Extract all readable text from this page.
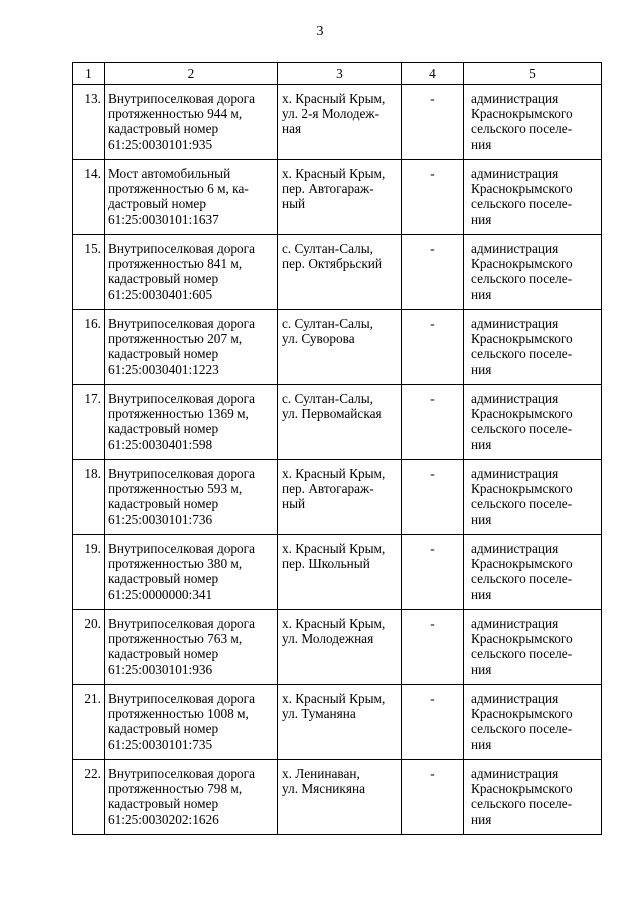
3
1	2	3	4	5
13.	Внутрипоселковая дорога
протяженностью 944 м,
кадастровый номер
61:25:0030101:935	х. Красный Крым,
ул. 2-я Молодеж-
ная	-	администрация
Краснокрымского
сельского поселе-
ния

14.	Мост автомобильный
протяженностью 6 м, ка-
дастровый номер
61:25:0030101:1637	х. Красный Крым,
пер. Автогараж-
ный	-	администрация
Краснокрымского
сельского поселе-
ния

15.	Внутрипоселковая дорога
протяженностью 841 м,
кадастровый номер
61:25:0030401:605	с. Султан-Салы,
пер. Октябрьский	-	администрация
Краснокрымского
сельского поселе-
ния

16.	Внутрипоселковая дорога
протяженностью 207 м,
кадастровый номер
61:25:0030401:1223	с. Султан-Салы,
ул. Суворова	-	администрация
Краснокрымского
сельского поселе-
ния

17.	Внутрипоселковая дорога
протяженностью 1369 м,
кадастровый номер
61:25:0030401:598	с. Султан-Салы,
ул. Первомайская	-	администрация
Краснокрымского
сельского поселе-
ния

18.	Внутрипоселковая дорога
протяженностью 593 м,
кадастровый номер
61:25:0030101:736	х. Красный Крым,
пер. Автогараж-
ный	-	администрация
Краснокрымского
сельского поселе-
ния

19.	Внутрипоселковая дорога
протяженностью 380 м,
кадастровый номер
61:25:0000000:341	х. Красный Крым,
пер. Школьный	-	администрация
Краснокрымского
сельского поселе-
ния

20.	Внутрипоселковая дорога
протяженностью 763 м,
кадастровый номер
61:25:0030101:936	х. Красный Крым,
ул. Молодежная	-	администрация
Краснокрымского
сельского поселе-
ния

21.	Внутрипоселковая дорога
протяженностью 1008 м,
кадастровый номер
61:25:0030101:735	х. Красный Крым,
ул. Туманяна	-	администрация
Краснокрымского
сельского поселе-
ния

22.	Внутрипоселковая дорога
протяженностью 798 м,
кадастровый номер
61:25:0030202:1626	х. Ленинаван,
ул. Мясникяна	-	администрация
Краснокрымского
сельского поселе-
ния
